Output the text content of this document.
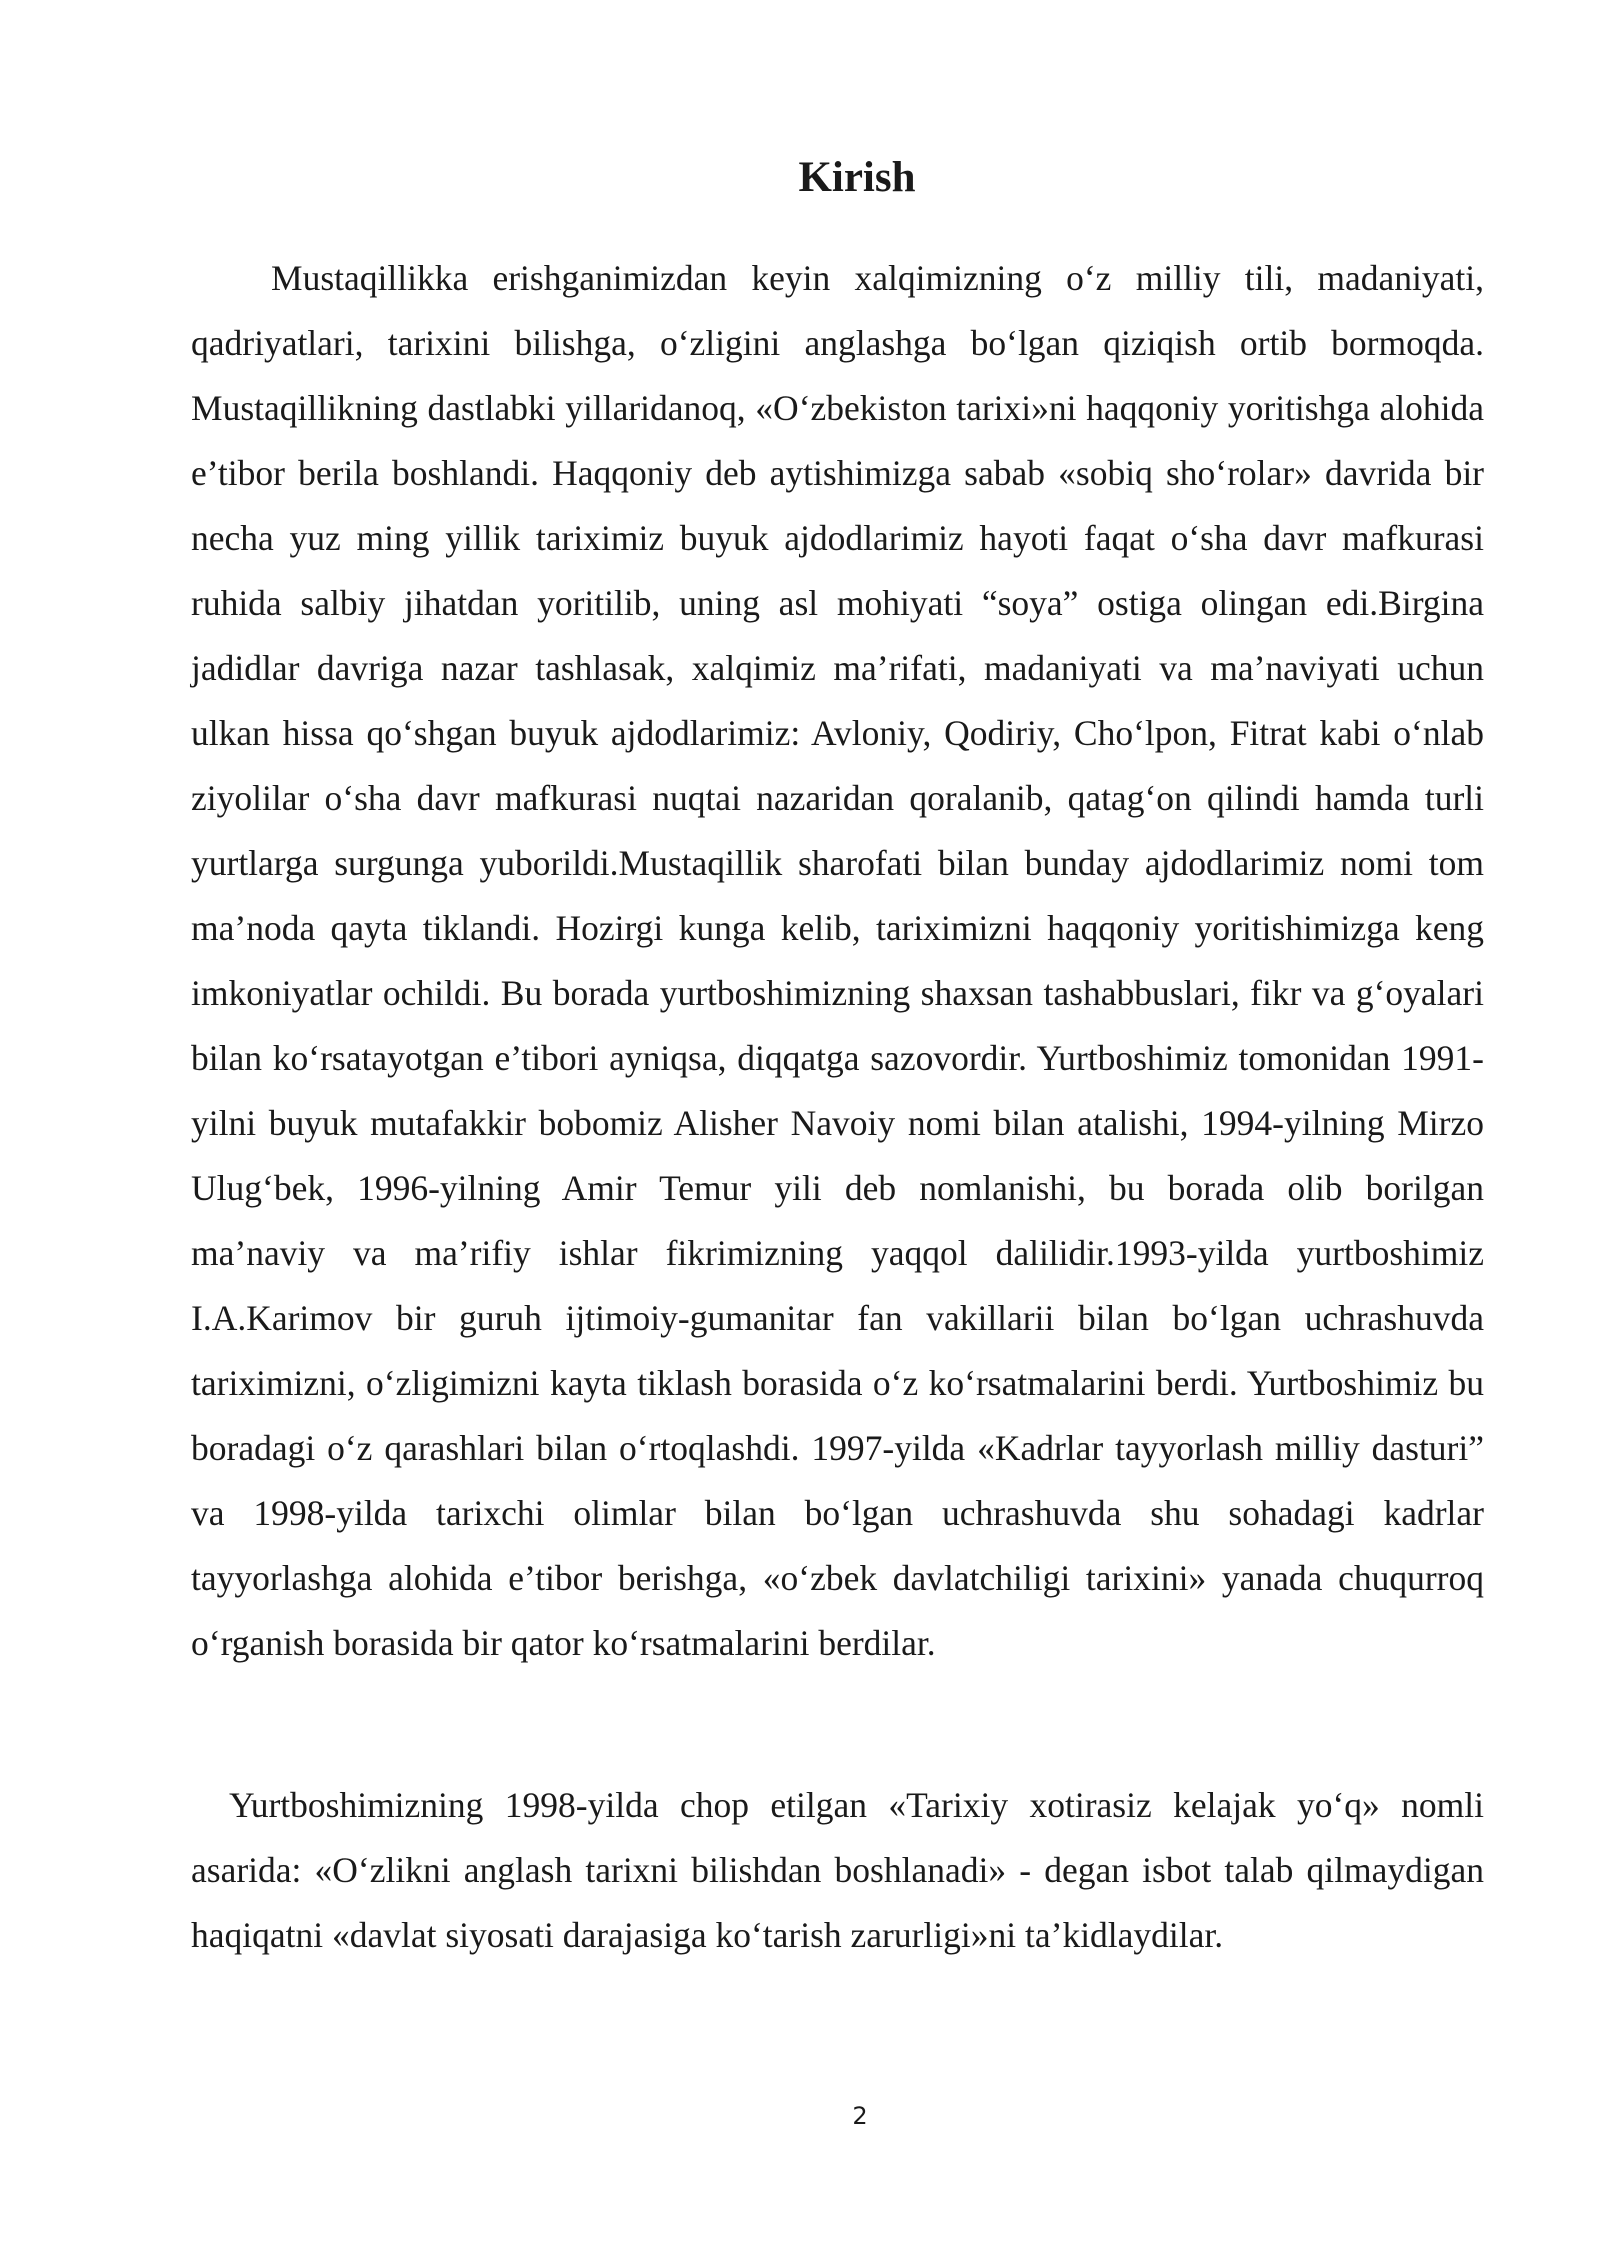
Kirish

Mustaqillikka erishganimizdan keyin xalqimizning o‘z milliy tili, madaniyati, qadriyatlari, tarixini bilishga, o‘zligini anglashga bo‘lgan qiziqish ortib bormoqda. Mustaqillikning dastlabki yillaridanoq, «O‘zbekiston tarixi»ni haqqoniy yoritishga alohida e’tibor berila boshlandi. Haqqoniy deb aytishimizga sabab «sobiq sho‘rolar» davrida bir necha yuz ming yillik tariximiz buyuk ajdodlarimiz hayoti faqat o‘sha davr mafkurasi ruhida salbiy jihatdan yoritilib, uning asl mohiyati “soya” ostiga olingan edi.Birgina jadidlar davriga nazar tashlasak, xalqimiz ma’rifati, madaniyati va ma’naviyati uchun ulkan hissa qo‘shgan buyuk ajdodlarimiz: Avloniy, Qodiriy, Cho‘lpon, Fitrat kabi o‘nlab ziyolilar o‘sha davr mafkurasi nuqtai nazaridan qoralanib, qatag‘on qilindi hamda turli yurtlarga surgunga yuborildi.Mustaqillik sharofati bilan bunday ajdodlarimiz nomi tom ma’noda qayta tiklandi. Hozirgi kunga kelib, tariximizni haqqoniy yoritishimizga keng imkoniyatlar ochildi. Bu borada yurtboshimizning shaxsan tashabbuslari, fikr va g‘oyalari bilan ko‘rsatayotgan e’tibori ayniqsa, diqqatga sazovordir. Yurtboshimiz tomonidan 1991-yilni buyuk mutafakkir bobomiz Alisher Navoiy nomi bilan atalishi, 1994-yilning Mirzo Ulug‘bek, 1996-yilning Amir Temur yili deb nomlanishi, bu borada olib borilgan ma’naviy va ma’rifiy ishlar fikrimizning yaqqol dalilidir.1993-yilda yurtboshimiz I.A.Karimov bir guruh ijtimoiy-gumanitar fan vakillarii bilan bo‘lgan uchrashuvda tariximizni, o‘zligimizni kayta tiklash borasida o‘z ko‘rsatmalarini berdi. Yurtboshimiz bu boradagi o‘z qarashlari bilan o‘rtoqlashdi. 1997-yilda «Kadrlar tayyorlash milliy dasturi” va 1998-yilda tarixchi olimlar bilan bo‘lgan uchrashuvda shu sohadagi kadrlar tayyorlashga alohida e’tibor berishga, «o‘zbek davlatchiligi tarixini» yanada chuqurroq o‘rganish borasida bir qator ko‘rsatmalarini berdilar.

Yurtboshimizning 1998-yilda chop etilgan «Tarixiy xotirasiz kelajak yo‘q» nomli asarida: «O‘zlikni anglash tarixni bilishdan boshlanadi» - degan isbot talab qilmaydigan haqiqatni «davlat siyosati darajasiga ko‘tarish zarurligi»ni ta’kidlaydilar.

2
